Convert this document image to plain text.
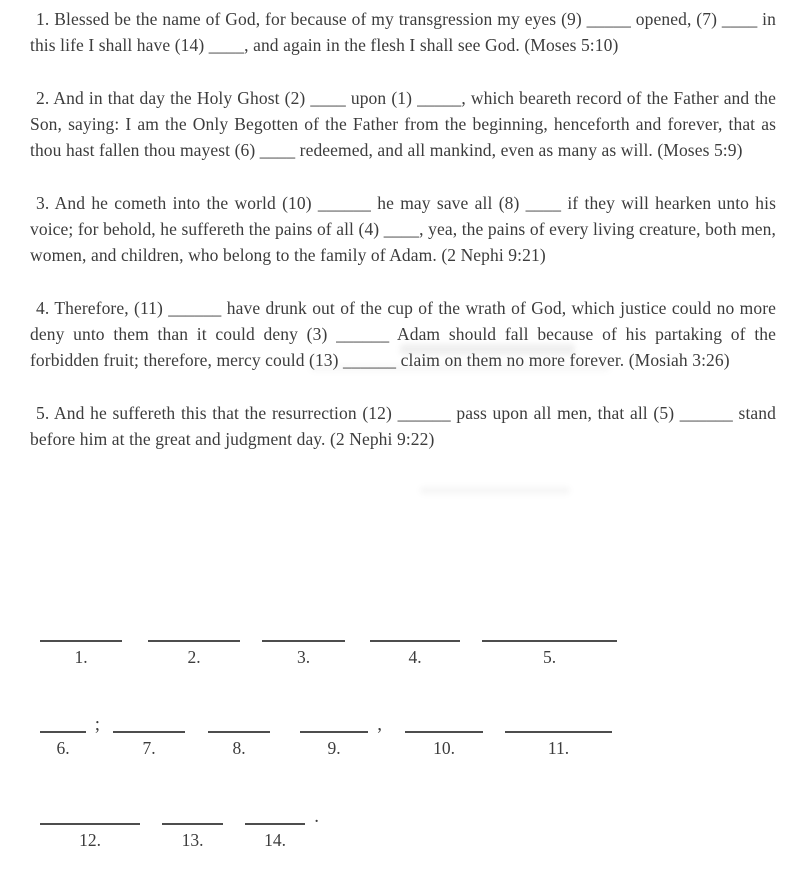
1. Blessed be the name of God, for because of my transgression my eyes (9) _____ opened, (7) ____ in this life I shall have (14) ____, and again in the flesh I shall see God. (Moses 5:10)

2. And in that day the Holy Ghost (2) ____ upon (1) _____, which beareth record of the Father and the Son, saying: I am the Only Begotten of the Father from the beginning, henceforth and forever, that as thou hast fallen thou mayest (6) ____ redeemed, and all mankind, even as many as will. (Moses 5:9)

3. And he cometh into the world (10) ______ he may save all (8) ____ if they will hearken unto his voice; for behold, he suffereth the pains of all (4) ____, yea, the pains of every living creature, both men, women, and children, who belong to the family of Adam. (2 Nephi 9:21)

4. Therefore, (11) ______ have drunk out of the cup of the wrath of God, which justice could no more deny unto them than it could deny (3) ______ Adam should fall because of his partaking of the forbidden fruit; therefore, mercy could (13) ______ claim on them no more forever. (Mosiah 3:26)

5. And he suffereth this that the resurrection (12) ______ pass upon all men, that all (5) ______ stand before him at the great and judgment day. (2 Nephi 9:22)

1.	2.	3.	4.	5.
;
6.	7.	8.
,
9.	10.	11.
12.	13.
.
14.
